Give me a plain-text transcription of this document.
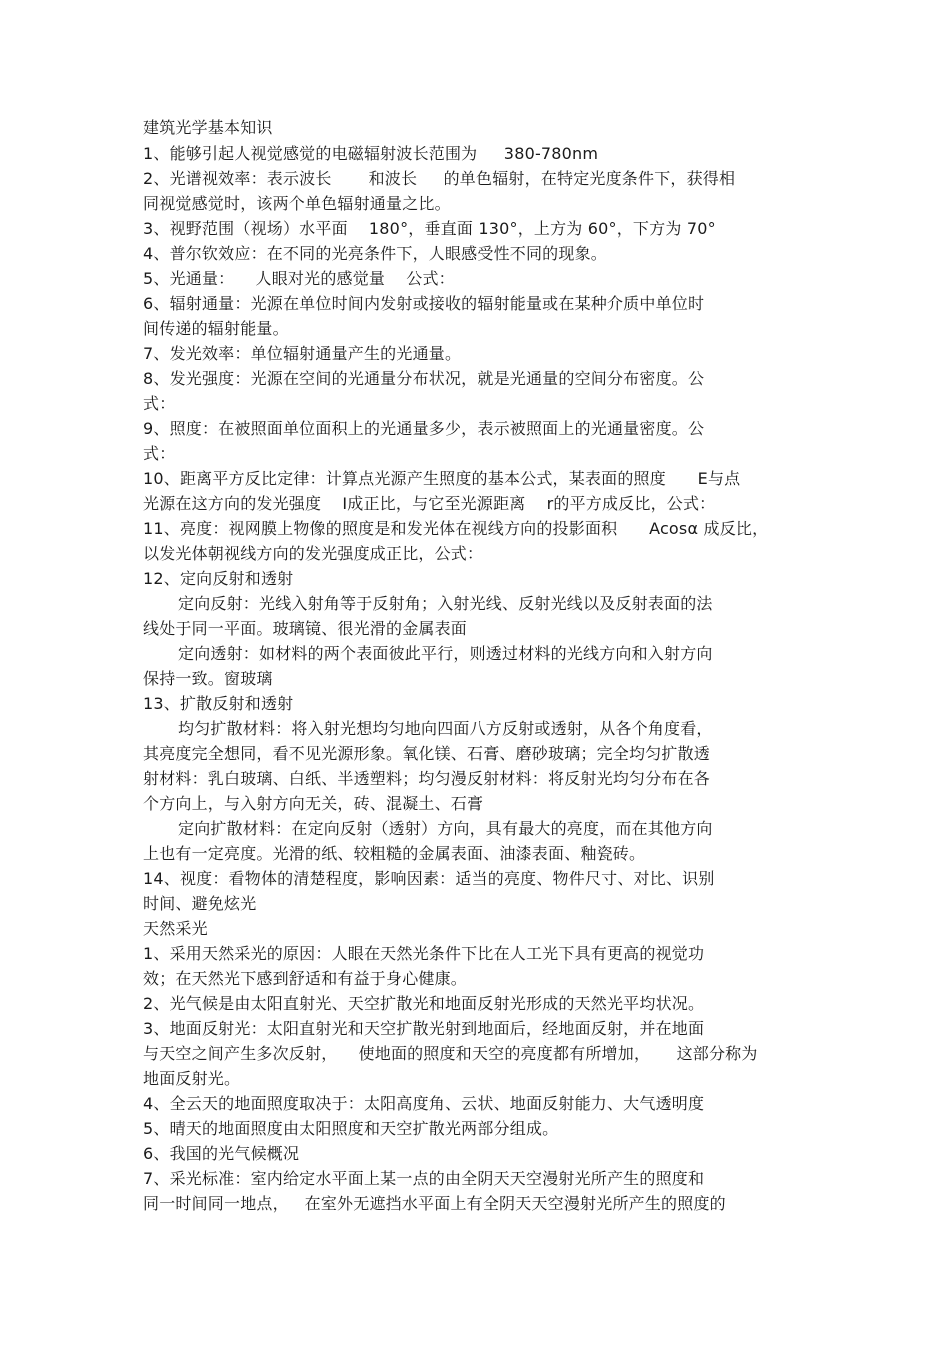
建筑光学基本知识
1、能够引起人视觉感觉的电磁辐射波长范围为     380-780nm
2、光谱视效率：表示波长       和波长     的单色辐射，在特定光度条件下，获得相
同视觉感觉时，该两个单色辐射通量之比。
3、视野范围（视场）水平面    180°，垂直面 130°，上方为 60°，下方为 70°
4、普尔钦效应：在不同的光亮条件下，人眼感受性不同的现象。
5、光通量：    人眼对光的感觉量    公式：
6、辐射通量：光源在单位时间内发射或接收的辐射能量或在某种介质中单位时
间传递的辐射能量。
7、发光效率：单位辐射通量产生的光通量。
8、发光强度：光源在空间的光通量分布状况，就是光通量的空间分布密度。公
式：
9、照度：在被照面单位面积上的光通量多少，表示被照面上的光通量密度。公
式：
10、距离平方反比定律：计算点光源产生照度的基本公式，某表面的照度      E与点
光源在这方向的发光强度    I成正比，与它至光源距离    r的平方成反比，公式：
11、亮度：视网膜上物像的照度是和发光体在视线方向的投影面积      Acosα 成反比，
以发光体朝视线方向的发光强度成正比，公式：
12、定向反射和透射
定向反射：光线入射角等于反射角；入射光线、反射光线以及反射表面的法
线处于同一平面。玻璃镜、很光滑的金属表面
定向透射：如材料的两个表面彼此平行，则透过材料的光线方向和入射方向
保持一致。窗玻璃
13、扩散反射和透射
均匀扩散材料：将入射光想均匀地向四面八方反射或透射，从各个角度看，
其亮度完全想同，看不见光源形象。氧化镁、石膏、磨砂玻璃；完全均匀扩散透
射材料：乳白玻璃、白纸、半透塑料；均匀漫反射材料：将反射光均匀分布在各
个方向上，与入射方向无关，砖、混凝土、石膏
定向扩散材料：在定向反射（透射）方向，具有最大的亮度，而在其他方向
上也有一定亮度。光滑的纸、较粗糙的金属表面、油漆表面、釉瓷砖。
14、视度：看物体的清楚程度，影响因素：适当的亮度、物件尺寸、对比、识别
时间、避免炫光
天然采光
1、采用天然采光的原因：人眼在天然光条件下比在人工光下具有更高的视觉功
效；在天然光下感到舒适和有益于身心健康。
2、光气候是由太阳直射光、天空扩散光和地面反射光形成的天然光平均状况。
3、地面反射光：太阳直射光和天空扩散光射到地面后，经地面反射，并在地面
与天空之间产生多次反射，    使地面的照度和天空的亮度都有所增加，     这部分称为
地面反射光。
4、全云天的地面照度取决于：太阳高度角、云状、地面反射能力、大气透明度
5、晴天的地面照度由太阳照度和天空扩散光两部分组成。
6、我国的光气候概况
7、采光标准：室内给定水平面上某一点的由全阴天天空漫射光所产生的照度和
同一时间同一地点，   在室外无遮挡水平面上有全阴天天空漫射光所产生的照度的
